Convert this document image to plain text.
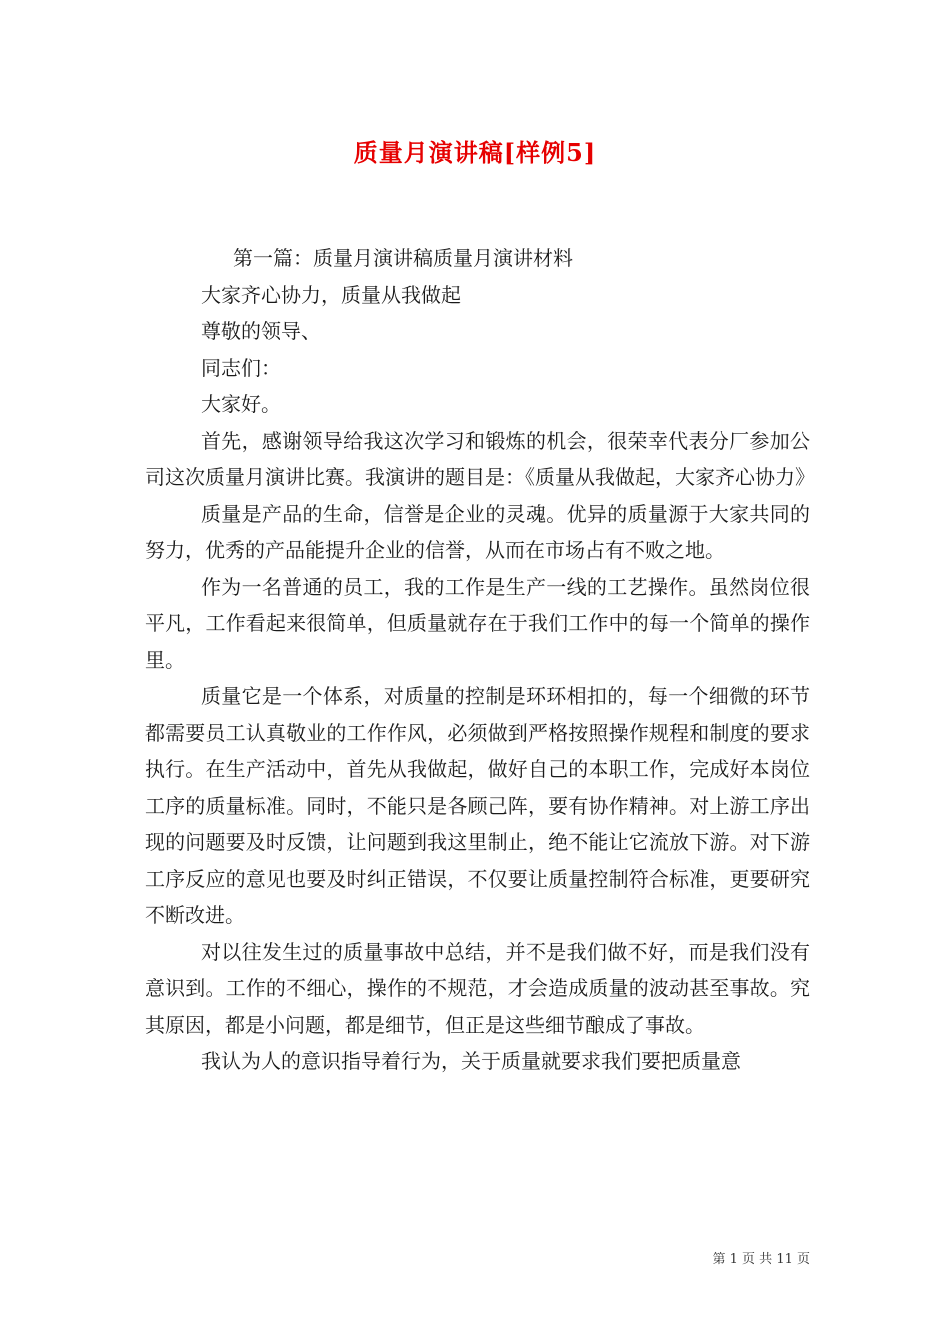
质量月演讲稿[样例5]

第一篇：质量月演讲稿质量月演讲材料

大家齐心协力，质量从我做起

尊敬的领导、

同志们：

大家好。

首先，感谢领导给我这次学习和锻炼的机会，很荣幸代表分厂参加公司这次质量月演讲比赛。我演讲的题目是：《质量从我做起，大家齐心协力》

质量是产品的生命，信誉是企业的灵魂。优异的质量源于大家共同的努力，优秀的产品能提升企业的信誉，从而在市场占有不败之地。

作为一名普通的员工，我的工作是生产一线的工艺操作。虽然岗位很平凡，工作看起来很简单，但质量就存在于我们工作中的每一个简单的操作里。

质量它是一个体系，对质量的控制是环环相扣的，每一个细微的环节都需要员工认真敬业的工作作风，必须做到严格按照操作规程和制度的要求执行。在生产活动中，首先从我做起，做好自己的本职工作，完成好本岗位工序的质量标准。同时，不能只是各顾己阵，要有协作精神。对上游工序出现的问题要及时反馈，让问题到我这里制止，绝不能让它流放下游。对下游工序反应的意见也要及时纠正错误，不仅要让质量控制符合标准，更要研究不断改进。

对以往发生过的质量事故中总结，并不是我们做不好，而是我们没有意识到。工作的不细心，操作的不规范，才会造成质量的波动甚至事故。究其原因，都是小问题，都是细节，但正是这些细节酿成了事故。

我认为人的意识指导着行为，关于质量就要求我们要把质量意

第 1 页 共 11 页
